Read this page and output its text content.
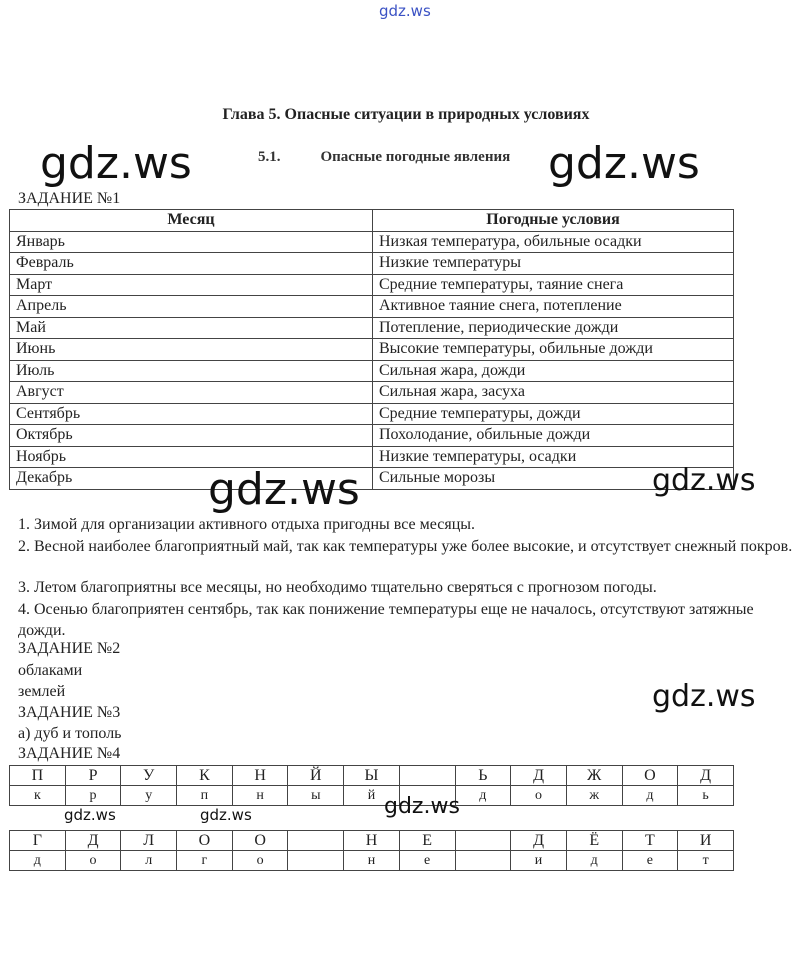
gdz.ws
Глава 5. Опасные ситуации в природных условиях
5.1.	Опасные погодные явления
ЗАДАНИЕ №1
Месяц	Погодные условия
Январь	Низкая температура, обильные осадки
Февраль	Низкие температуры
Март	Средние температуры, таяние снега
Апрель	Активное таяние снега, потепление
Май	Потепление, периодические дожди
Июнь	Высокие температуры, обильные дожди
Июль	Сильная жара, дожди
Август	Сильная жара, засуха
Сентябрь	Средние температуры, дожди
Октябрь	Похолодание, обильные дожди
Ноябрь	Низкие температуры, осадки
Декабрь	Сильные морозы
1. Зимой для организации активного отдыха пригодны все месяцы.
2. Весной наиболее благоприятный май, так как температуры уже более высокие, и отсутствует снежный покров.
3. Летом благоприятны все месяцы, но необходимо тщательно сверяться с прогнозом погоды.
4. Осенью благоприятен сентябрь, так как понижение температуры еще не началось, отсутствуют затяжные дожди.
ЗАДАНИЕ №2
облаками
землей
ЗАДАНИЕ №3
а) дуб и тополь
ЗАДАНИЕ №4
П	Р	У	К	Н	Й	Ы		Ь	Д	Ж	О	Д
к	р	у	п	н	ы	й		д	о	ж	д	ь
Г	Д	Л	О	О		Н	Е		Д	Ё	Т	И
д	о	л	г	о		н	е		и	д	е	т
gdz.ws	gdz.ws
gdz.ws	gdz.ws
gdz.ws
gdz.ws
gdz.ws	gdz.ws
